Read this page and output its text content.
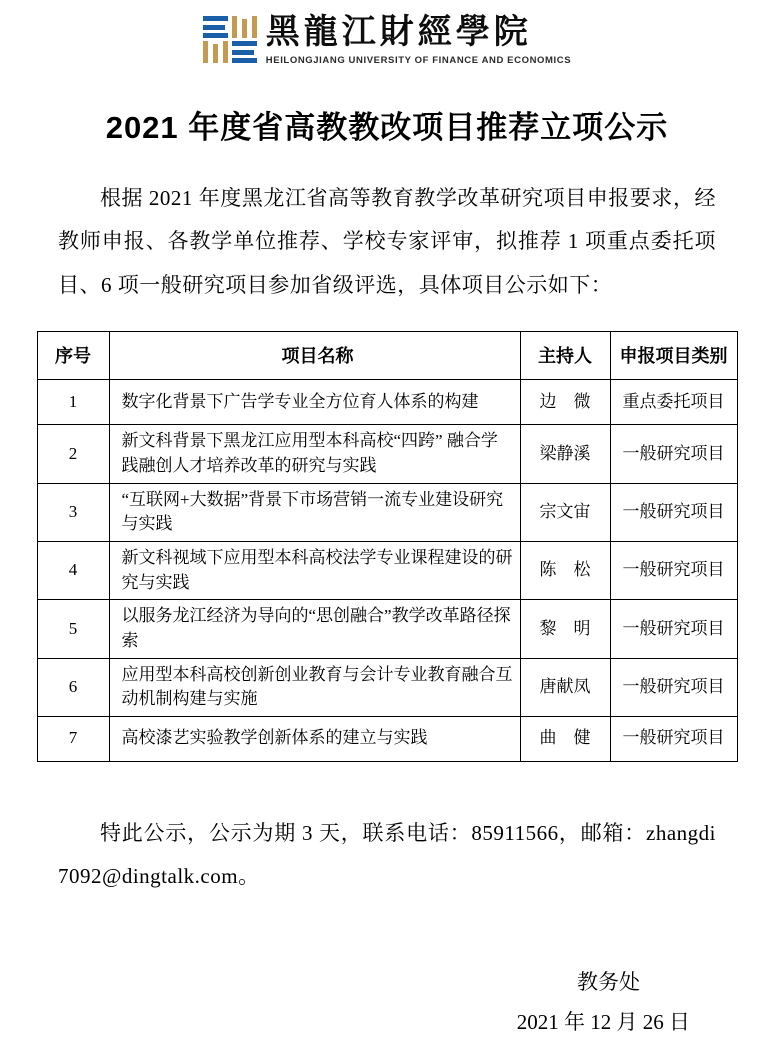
黑龍江財經學院
HEILONGJIANG UNIVERSITY OF FINANCE AND ECONOMICS
2021 年度省高教教改项目推荐立项公示

根据 2021 年度黑龙江省高等教育教学改革研究项目申报要求，经教师申报、各教学单位推荐、学校专家评审，拟推荐 1 项重点委托项目、6 项一般研究项目参加省级评选，具体项目公示如下：

序号	项目名称	主持人	申报项目类别
1	数字化背景下广告学专业全方位育人体系的构建	边　微	重点委托项目
2	新文科背景下黑龙江应用型本科高校“四跨” 融合学践融创人才培养改革的研究与实践	梁静溪	一般研究项目
3	“互联网+大数据”背景下市场营销一流专业建设研究与实践	宗文宙	一般研究项目
4	新文科视域下应用型本科高校法学专业课程建设的研究与实践	陈　松	一般研究项目
5	以服务龙江经济为导向的“思创融合”教学改革路径探索	黎　明	一般研究项目
6	应用型本科高校创新创业教育与会计专业教育融合互动机制构建与实施	唐献凤	一般研究项目
7	高校漆艺实验教学创新体系的建立与实践	曲　健	一般研究项目

特此公示，公示为期 3 天，联系电话：85911566，邮箱：zhangdi7092@dingtalk.com。

教务处
2021 年 12 月 26 日
